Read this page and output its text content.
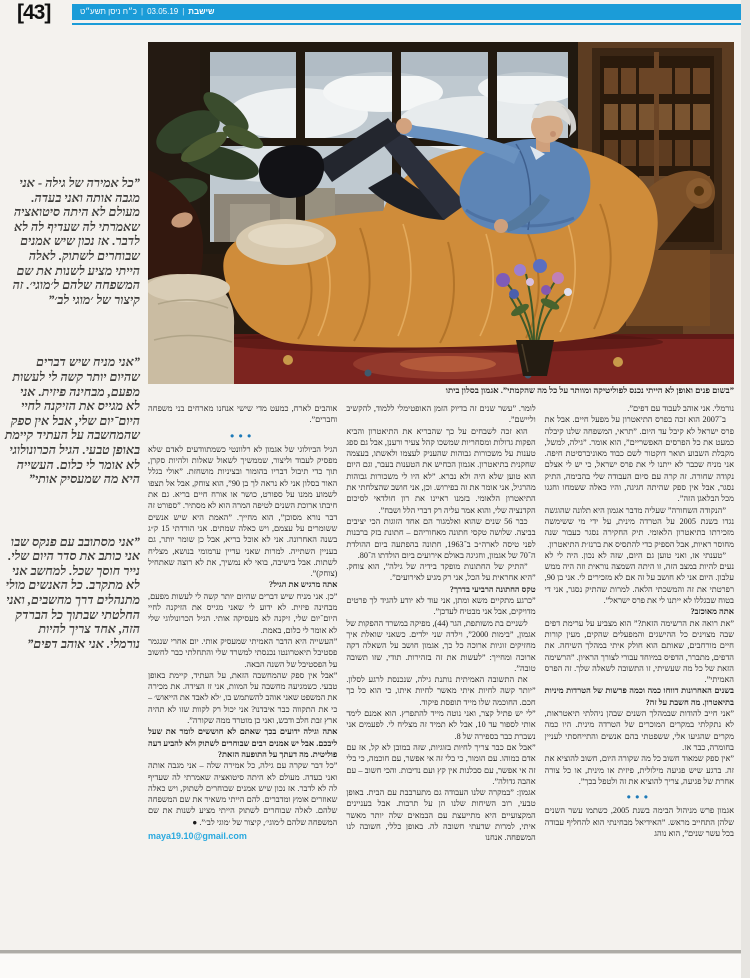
[43]	שישבת|03.05.19|כ״ח ניסן תשע״ט
”כל אמירה של גילה - אני מגבה אותה ואני בעדה. מעולם לא היתה סיטואציה שאמרתי לה שעדיף לה לא לדבר. אז נכון שיש אמנים שבוחרים לשתוק. לאלה הייתי מציע לשנות את שם המשפחה שלהם ל׳מוגי׳. זה קיצור של ׳מוגי לב׳”
”אני מניח שיש דברים שהיום יותר קשה לי לעשות מפעם, מבחינה פיזית. אני לא מגייס את הזיקנה לחיי היום־יום שלי, אבל אין ספק שהמחשבה על העתיד קיימת באופן טבעי. הגיל הכרונולוגי לא אומר לי כלום. העשייה היא מה שמעסיק אותי”
”אני מסתובב עם פנקס שבו אני כותב את סדר היום שלי. נייר חוסך שכל. למחשב אני לא מתקרב. כל האנשים מולי מתנהלים דרך מחשבים, ואני החלטתי שבתוך כל הברדק הזה, אחד צריך להיות נורמלי. אני אוהב דפים”
”בשום פנים ואופן לא הייתי נכנס לפוליטיקה ומוותר על כל מה שהקמתי”. אגמון בסלון ביתו

נורמלי. אני אוהב לעבוד עם דפים”.

ב־2007 הוא זכה בפרס התיאטרון על מפעל חיים. אבל את פרס ישראל לא קיבל עד היום. ”תראי, המשפחה שלנו קיבלה כמעט את כל הפרסים האפשריים”, הוא אומר. ”גילה, למשל, מקבלת השבוע תואר דוקטור לשם כבוד מאוניברסיטת חיפה. אני מניח שכבר לא ייתנו לי את פרס ישראל, כי יש לי אצלם נקודה שחורה. זה קרה עם סיום העבודה שלי בהבימה, התיק נסגר, אבל אין ספק שהיתה חגיגה, והיו כאלה ששמחו וחגגו מכל הבלאגן הזה”.

”הנקודה השחורה” שעליה מדבר אגמון היא תלונה שהוגשה נגדו בשנת 2005 על הטרדה מינית, על ידי מי ששימשה מזכירתו בתיאטרון הלאומי. תיק החקירה נסגר כעבור שנה מחוסר ראיות, אבל הספיק כדי להתסיס את ברנז׳ת התיאטרון.

”טענתי אז, ואני טוען גם היום, שזה לא נכון. היה לי לא נעים להיות במצב הזה, זו היתה השמצה נוראית וזה היה ממש עלבון. היום אני לא חושב על זה אם לא מזכירים לי. אני בן 90, רפרטתי את זה והמשכתי הלאה. למרות שהתיק נסגר, אני די בטוח שבגללו לא ייתנו לי את פרס ישראל”.

אתה מאוכזב?

”את רואה את הרשימה הזאת?” הוא מצביע על ערימת דפים שבה מצוינים כל ההישגים והמפעלים שהקים, מעין קורות חיים מורחבים, שאותם הוא חולק איתי במהלך השיחה. את הדפים, מתברר, הדפיס במיוחד עבורי לצורך הראיון. ”הרשימה הזאת של כל מה שעשיתי, זו התשובה לשאלה שלך. זה הפרס האמיתי”.

בשנים האחרונות דווחו כמה וכמה פרשות של הטרדות מיניות בתיאטרון. מה חשבת על זה?

”אני חייב להודות שבמהלך השנים שבהן ניהלתי תיאטראות, לא נתקלתי במקרים המוכרים של הטרדה מינית. היו כמה מקרים שהגיעו אלי, ששפטתי בהם אנשים והתייחסתי לעניין בחומרה, כבר אז.

”אין ספק שמאוד חשוב כל מה שקורה היום, חשוב להוציא את זה. ברגע שיש פגיעה מילולית, פיזית או מינית, או כל צורה אחרת של פגיעה, צריך להוציא את זה ולטפל בכך”.

●●●

אגמון פרש מניהול הבימה בשנת 2005, כשתמו עשר השנים שלהן התחייב מראש. ”האידיאל מבחינתי הוא להחליף עבודה בכל עשר שנים”, הוא נוהג

לומר. ”עשר שנים זה בדיוק הזמן האופטימלי ללמוד, להקשיב וליישם”.

הוא זכה לשבחים על כך שהבריא את התיאטרון והביא הפקות גדולות ומסחריות שמשכו קהל צעיר ורענן, אבל גם ספג טענות על משכורות גבוהות שהעניק לעצמו ולאשתו, בעצמה שחקנית בתיאטרון. אגמון הכחיש את הטענות בעבר, וגם היום הוא טוען שלא היה ולא נברא. ”לא היו לי משכורות גבוהות מהרגיל, אני אומר את זה בפירוש. וכן, אני חושב שהצלחתי את התיאטרון הלאומי. בזמנו ראיינו את רון חולדאי לסיכום הקדנציה שלי, והוא אמר עליה רק דברי הלל ושבח”.

כבר 56 שנים שהוא ואלמגור הם אחד הזוגות הכי יציבים בביצה. שלושה טקסי חתונה מאחוריהם – חתונת בזק ברבנות לפני טיסה לארה״ב ב־1963, חתונה בהפתעה ביום ההולדת ה־70 של אגמון, וחגיגה באולם אירועים ביום הולדתו ה־80.

”התיק של החתונות מופקד בידיה של גילה”, הוא צוחק. ”היא אחראית על הכל, אני רק מגיע לאירועים”.

טקס החתונה הרביעי בדרך?

”כרגע מתקיים משא ומתן, אני עוד לא יודע להגיד לך פרטים מדויקים, אבל אני מבטיח לעדכן”.

לשניים בת משותפת, הגר (44), מפיקה במשרד ההפקות של אגמון, ”בימות 2000”, וילדה שני ילדים. כשאני שואלת איך מחזיקים זוגיות ארוכה כל כך, אגמון חושב על השאלה דקה ארוכה ומחייך: ”לעשות את זה בזהירות. תודי, שזו תשובה טובה”.

את התשובה האמיתית נותנת גילה, שנכנסת לרגע לסלון. ”יותר קשה לחיות איתי מאשר לחיות איתו, כי הוא כל כך חכם. החוכמה שלו מייד תופסת פיקוד.

”לי יש פתיל קצר, ואני נוטה מייד להתפרץ. הוא אמנם לימד אותי לספור עד 10, אבל לא תמיד זה מצליח לי. לפעמים אני נשברת כבר בספירה של 8.

”אבל אם כבר צריך לחיות בזוגיות, שזה במובן לא קל, אז עם אדם כמוהו. עם הומור, כי בלי זה אי אפשר, עם חוכמה, כי בלי זה אי אפשר, עם סבלנות אין קץ ועם נדיבות. והכי חשוב – עם אהבה גדולה”.

אגמון: ”במקרה שלנו העבודה גם מתערבבת עם הבית. באופן טבעי, רוב השיחות שלנו הן על תרבות. אבל בעניינים המקצועיים היא מתייעצת עם הבמאים שלה יותר מאשר איתי, למרות שדעתי חשובה לה. באופן כללי, חשובה לנו המשפחה. אנחנו

אוהבים לארח, כמעט מדי שישי אנחנו מארחים בני משפחה וחברים”.

●●●

הגיל הביולוגי של אגמון לא רלוונטי כשמתוודעים לאדם שלא מפסיק לעבוד וליצור, שממשיך לשאול שאלות ולהיות סקרן, תוך כדי תיבול דבריו בהומור ובציניות מושחזת. ”אולי בגלל האור בסלון אני לא נראה לך בן 90”, הוא צוחק, אבל אל תצפו לשמוע ממנו על ספורט, כושר או אורח חיים בריא. גם את חיבתו ארוכת השנים לטיפה המרה הוא לא מסתיר. ”ספורט זה דבר נורא מסוכן”, הוא מחייך. ”האמת היא שיש אנשים ששומרים על עצמם, ויש כאלה שמתים. אני הורדתי 15 ק״ג בשנה האחרונה. אני לא אוכל בריא, אבל כן שומר יותר, גם בעניין השתייה. למרות שאני עדיין ערמומי בנושא, מצליח לשתות. אבל בישיבה, בואי לא נמשיך, את לא רוצה שאתחיל (צוחק)”.

אתה מרגיש את הגיל?

”כן. אני מניח שיש דברים שהיום יותר קשה לי לעשות מפעם, מבחינה פיזית. לא ידוע לי שאני מגייס את הזיקנה לחיי היום־יום שלי, זיקנה לא מעסיקה אותי. הגיל הכרונולוגי שלי לא אומר לי כלום, באמת.

”העשייה היא הדבר האמיתי שמעסיק אותי. יום אחרי שנגמר פסטיבל תיאטרונטו נכנסתי למשרד שלי והתחלתי כבר לחשוב על הפסטיבל של השנה הבאה.

”אבל אין ספק שהמחשבה הזאת, על העתיד, קיימת באופן טבעי. כשמגיעה מחשבה על המוות, אני זז הצידה. את מכירה את המשפט שאני אוהב להשתמש בו, ׳לא לאבד את הייאוש׳ – כי את התקווה כבר איבדנו? אני יכול רק לקוות שזו לא תהיה ארץ זבת חלב ודבש, ואני כן מוטרד ממה שקורה”.

אתה וגילה ידועים בכך שאתם לא חוששים לומר את שעל ליבכם. אבל יש אמנים רבים שבוחרים לשתוק ולא להביע דעה פוליטית. מה דעתך על התופעה הזאת?

”כל דבר שקרה עם גילה, כל אמירה שלה – אני מגבה אותה ואני בעדה. מעולם לא היתה סיטואציה שאמרתי לה שעדיף לה לא לדבר. אז נכון שיש אמנים שבוחרים לשתוק, ויש כאלה שאוזרים אומץ ומדברים. להם הייתי משאיר את שם המשפחה שלהם. לאלה שבוחרים לשתוק הייתי מציע לשנות את שם המשפחה שלהם ל׳מוגי׳, קיצור של ׳מוגי לב׳”. ●

maya19.10@gmail.com
